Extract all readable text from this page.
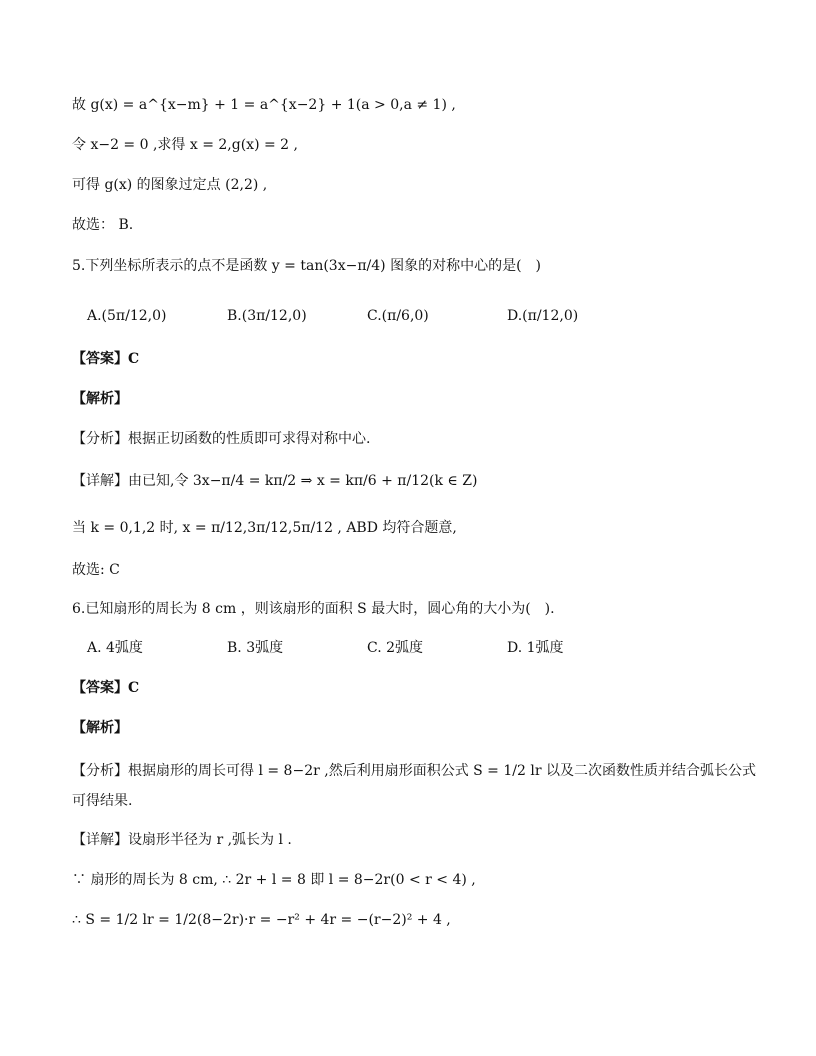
故 g(x) = a^{x−m} + 1 = a^{x−2} + 1(a > 0,a ≠ 1) ,
令 x−2 = 0 ,求得 x = 2,g(x) = 2 ,
可得 g(x) 的图象过定点 (2,2) ,
故选： B.
5.下列坐标所表示的点不是函数 y = tan(3x−π/4) 图象的对称中心的是(　)
A.(5π/12,0)	B.(3π/12,0)	C.(π/6,0)	D.(π/12,0)
【答案】C
【解析】
【分析】根据正切函数的性质即可求得对称中心.
【详解】由已知,令 3x−π/4 = kπ/2 ⇒ x = kπ/6 + π/12(k ∈ Z)
当 k = 0,1,2 时, x = π/12,3π/12,5π/12 , ABD 均符合题意,
故选: C
6.已知扇形的周长为 8 cm ，则该扇形的面积 S 最大时，圆心角的大小为(　).
A. 4弧度	B. 3弧度	C. 2弧度	D. 1弧度
【答案】C
【解析】
【分析】根据扇形的周长可得 l = 8−2r ,然后利用扇形面积公式 S = 1/2 lr 以及二次函数性质并结合弧长公式可得结果.
【详解】设扇形半径为 r ,弧长为 l .
∵ 扇形的周长为 8 cm, ∴ 2r + l = 8 即 l = 8−2r(0 < r < 4) ,
∴ S = 1/2 lr = 1/2(8−2r)·r = −r² + 4r = −(r−2)² + 4 ,
